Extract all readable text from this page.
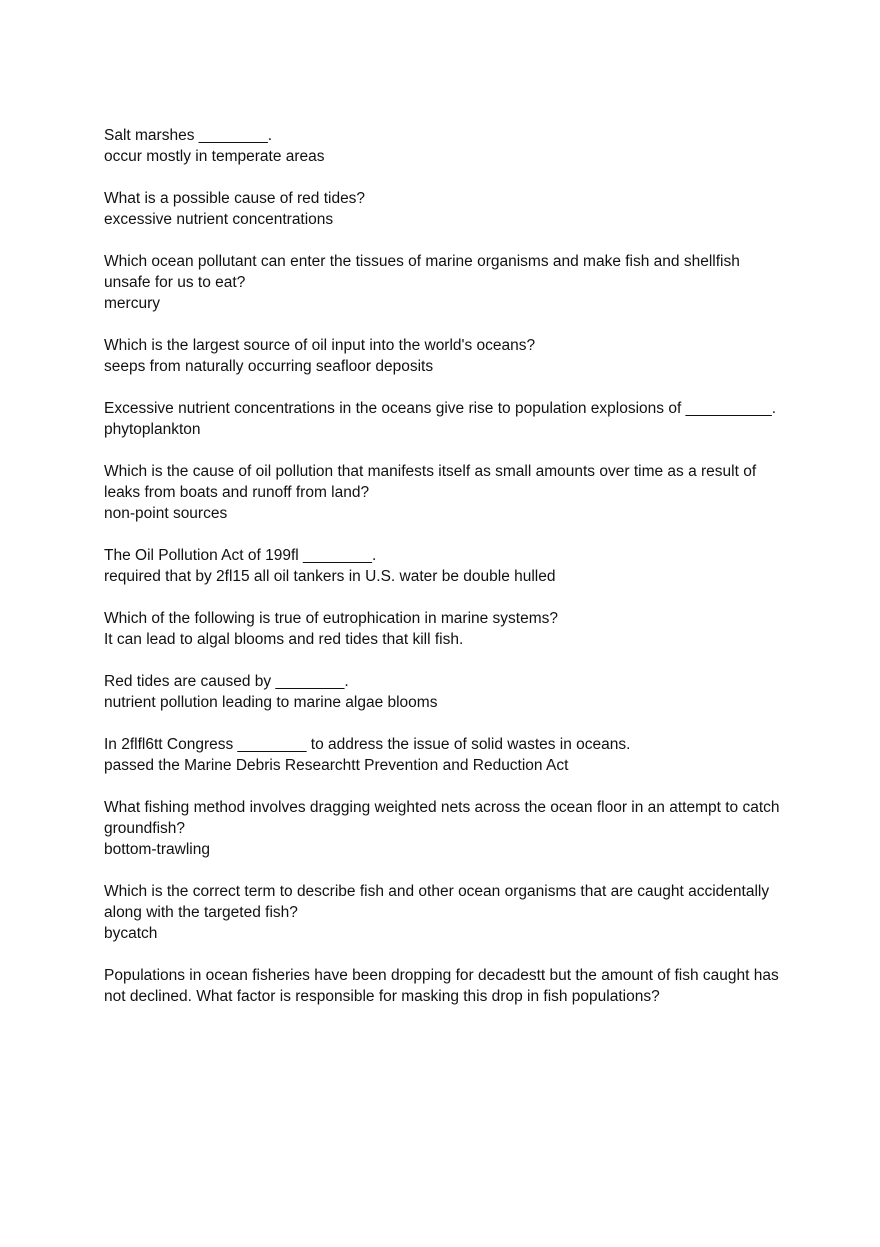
Salt marshes ________.

occur mostly in temperate areas

What is a possible cause of red tides?

excessive nutrient concentrations

Which ocean pollutant can enter the tissues of marine organisms and make fish and shellfish unsafe for us to eat?

mercury

Which is the largest source of oil input into the world's oceans?

seeps from naturally occurring seafloor deposits

Excessive nutrient concentrations in the oceans give rise to population explosions of __________.

phytoplankton

Which is the cause of oil pollution that manifests itself as small amounts over time as a result of leaks from boats and runoff from land?

non-point sources

The Oil Pollution Act of 199fl ________.

required that by 2fl15 all oil tankers in U.S. water be double hulled

Which of the following is true of eutrophication in marine systems?

It can lead to algal blooms and red tides that kill fish.

Red tides are caused by ________.

nutrient pollution leading to marine algae blooms

In 2flfl6tt Congress ________ to address the issue of solid wastes in oceans.

passed the Marine Debris Researchtt Prevention and Reduction Act

What fishing method involves dragging weighted nets across the ocean floor in an attempt to catch groundfish?

bottom-trawling

Which is the correct term to describe fish and other ocean organisms that are caught accidentally along with the targeted fish?

bycatch

Populations in ocean fisheries have been dropping for decadestt but the amount of fish caught has not declined. What factor is responsible for masking this drop in fish populations?
